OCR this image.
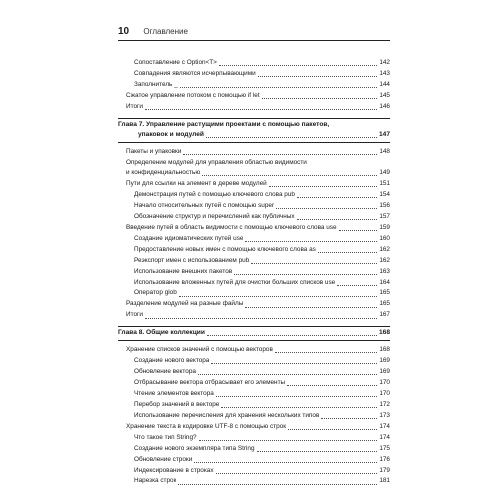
10 Оглавление
Сопоставление с Option<T>	142
Совпадения являются исчерпывающими	143
Заполнитель _	144
Сжатое управление потоком с помощью if let	145
Итоги	146
Глава 7. Управление растущими проектами с помощью пакетов,
упаковок и модулей	147
Пакеты и упаковки	148
Определение модулей для управления областью видимости
и конфиденциальностью	149
Пути для ссылки на элемент в дереве модулей	151
Демонстрация путей с помощью ключевого слова pub	154
Начало относительных путей с помощью super	156
Обозначение структур и перечислений как публичных	157
Введение путей в область видимости с помощью ключевого слова use	159
Создание идиоматических путей use	160
Предоставление новых имен с помощью ключевого слова as	162
Реэкспорт имен с использованием pub	162
Использование внешних пакетов	163
Использование вложенных путей для очистки больших списков use	164
Оператор glob	165
Разделение модулей на разные файлы	165
Итоги	167
Глава 8. Общие коллекции	168
Хранение списков значений с помощью векторов	168
Создание нового вектора	169
Обновление вектора	169
Отбрасывание вектора отбрасывает его элементы	170
Чтение элементов вектора	170
Перебор значений в векторе	172
Использование перечисления для хранения нескольких типов	173
Хранение текста в кодировке UTF-8 с помощью строк	174
Что такое тип String?	174
Создание нового экземпляра типа String	175
Обновление строки	176
Индексирование в строках	179
Нарезка строк	181
